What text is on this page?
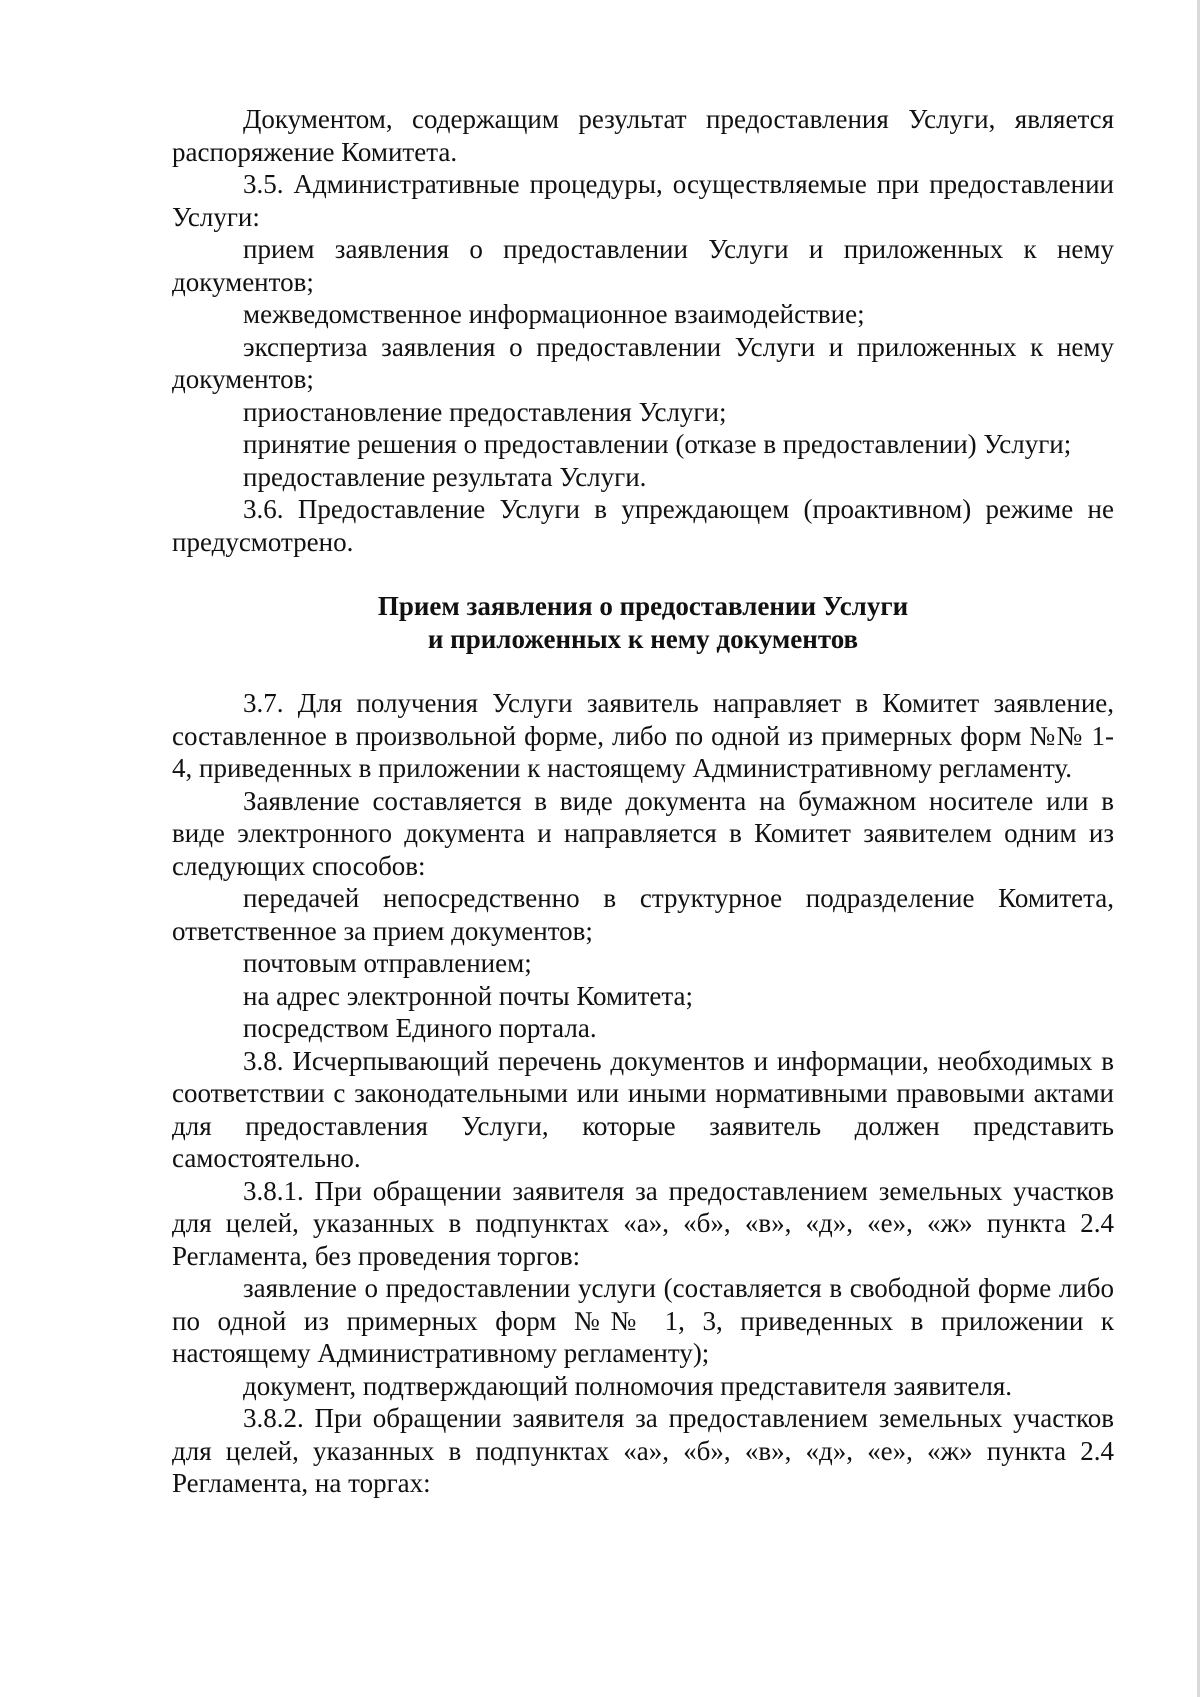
Документом, содержащим результат предоставления Услуги, является распоряжение Комитета.

3.5. Административные процедуры, осуществляемые при предоставлении Услуги:

прием заявления о предоставлении Услуги и приложенных к нему документов;

межведомственное информационное взаимодействие;

экспертиза заявления о предоставлении Услуги и приложенных к нему документов;

приостановление предоставления Услуги;

принятие решения о предоставлении (отказе в предоставлении) Услуги;

предоставление результата Услуги.

3.6. Предоставление Услуги в упреждающем (проактивном) режиме не предусмотрено.

Прием заявления о предоставлении Услуги
и приложенных к нему документов

3.7. Для получения Услуги заявитель направляет в Комитет заявление, составленное в произвольной форме, либо по одной из примерных форм №№ 1-4, приведенных в приложении к настоящему Административному регламенту.

Заявление составляется в виде документа на бумажном носителе или в виде электронного документа и направляется в Комитет заявителем одним из следующих способов:

передачей непосредственно в структурное подразделение Комитета, ответственное за прием документов;

почтовым отправлением;

на адрес электронной почты Комитета;

посредством Единого портала.

3.8. Исчерпывающий перечень документов и информации, необходимых в соответствии с законодательными или иными нормативными правовыми актами для предоставления Услуги, которые заявитель должен представить самостоятельно.

3.8.1. При обращении заявителя за предоставлением земельных участков для целей, указанных в подпунктах «а», «б», «в», «д», «е», «ж» пункта 2.4 Регламента, без проведения торгов:

заявление о предоставлении услуги (составляется в свободной форме либо по одной из примерных форм №№ 1, 3, приведенных в приложении к настоящему Административному регламенту);

документ, подтверждающий полномочия представителя заявителя.

3.8.2. При обращении заявителя за предоставлением земельных участков для целей, указанных в подпунктах «а», «б», «в», «д», «е», «ж» пункта 2.4 Регламента, на торгах:
